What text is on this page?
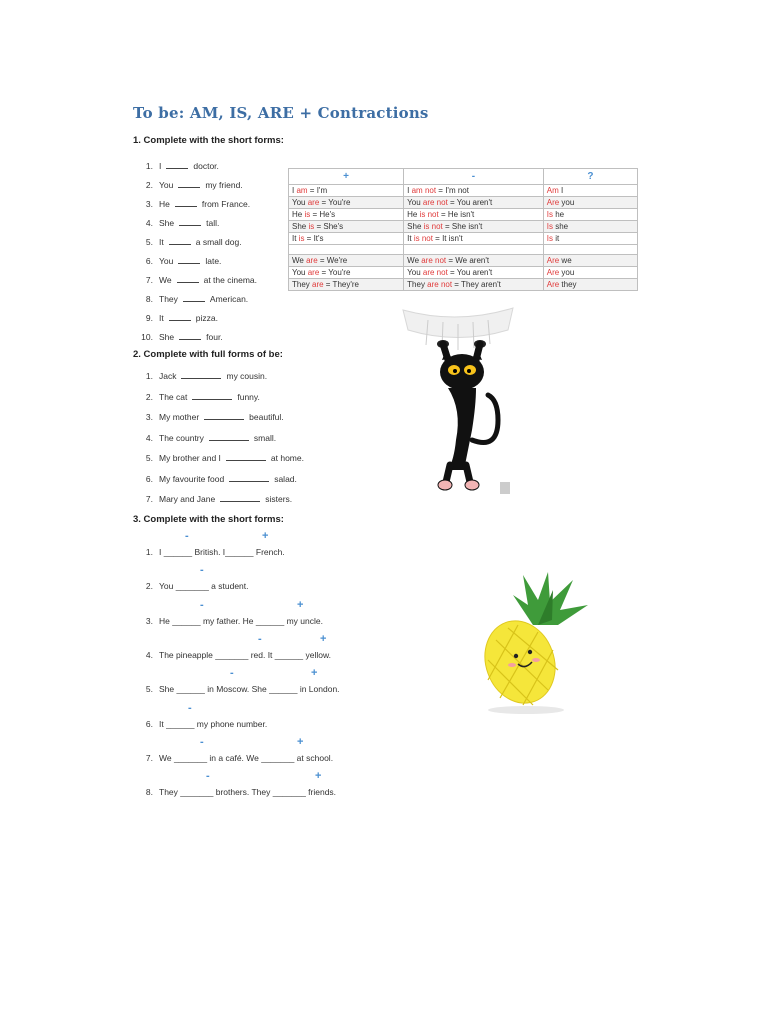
To be: AM, IS, ARE + Contractions
1. Complete with the short forms:
1. I	doctor.
2. You	my friend.
3. He	from France.
4. She	tall.
5. It	a small dog.
6. You	late.
7. We	at the cinema.
8. They	American.
9. It	pizza.
10. She	four.
+	-	?
I am = I'm	I am not = I'm not	Am I
You are = You're	You are not = You aren't	Are you
He is = He's	He is not = He isn't	Is he
She is = She's	She is not = She isn't	Is she
It is = It's	It is not = It isn't	Is it

We are = We're	We are not = We aren't	Are we
You are = You're	You are not = You aren't	Are you
They are = They're	They are not = They aren't	Are they
2. Complete with full forms of be:
1. Jack	my cousin.
2. The cat	funny.
3. My mother	beautiful.
4. The country	small.
5. My brother and I	at home.
6. My favourite food	salad.
7. Mary and Jane	sisters.
3. Complete with the short forms:
-	+
1. I ______ British. I______ French.
-
2. You _______ a student.
-	+
3. He ______ my father. He ______ my uncle.
-	+
4. The pineapple _______ red. It ______ yellow.
-	+
5. She ______ in Moscow. She ______ in London.
-
6. It ______ my phone number.
-	+
7. We _______ in a café. We _______ at school.
-	+
8. They _______ brothers. They _______ friends.
